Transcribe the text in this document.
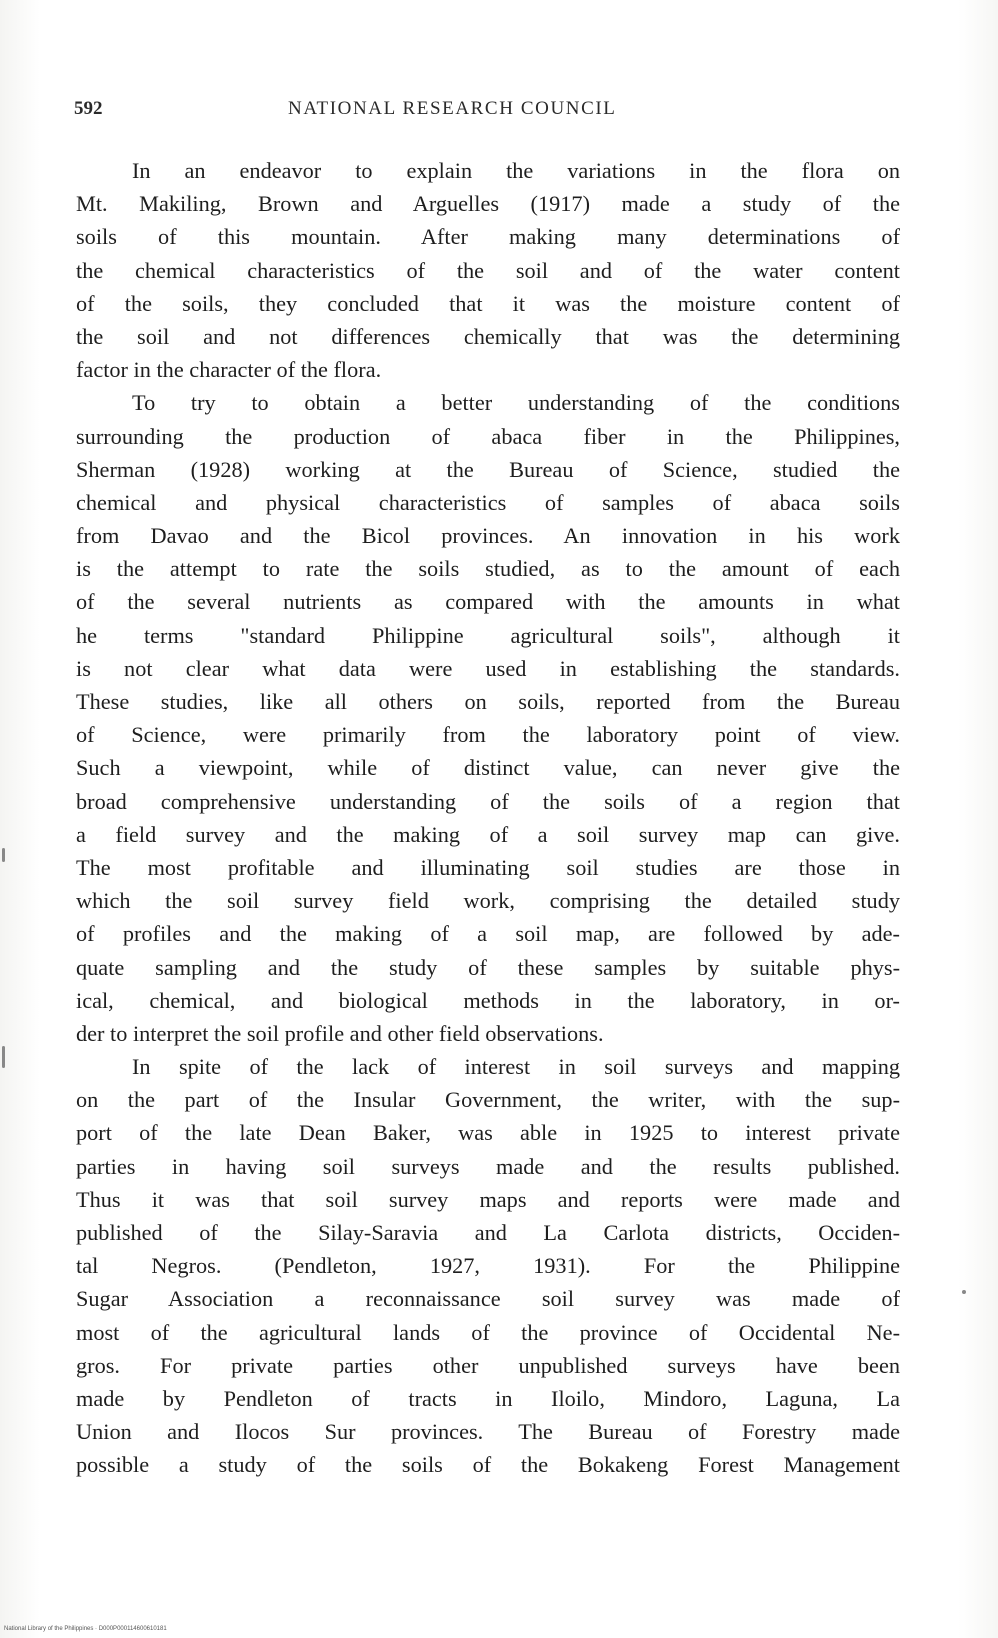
592	NATIONAL RESEARCH COUNCIL
In an endeavor to explain the variations in the flora on
Mt. Makiling, Brown and Arguelles (1917) made a study of the
soils of this mountain. After making many determinations of
the chemical characteristics of the soil and of the water content
of the soils, they concluded that it was the moisture content of
the soil and not differences chemically that was the determining
factor in the character of the flora.
To try to obtain a better understanding of the conditions
surrounding the production of abaca fiber in the Philippines,
Sherman (1928) working at the Bureau of Science, studied the
chemical and physical characteristics of samples of abaca soils
from Davao and the Bicol provinces. An innovation in his work
is the attempt to rate the soils studied, as to the amount of each
of the several nutrients as compared with the amounts in what
he terms "standard Philippine agricultural soils", although it
is not clear what data were used in establishing the standards.
These studies, like all others on soils, reported from the Bureau
of Science, were primarily from the laboratory point of view.
Such a viewpoint, while of distinct value, can never give the
broad comprehensive understanding of the soils of a region that
a field survey and the making of a soil survey map can give.
The most profitable and illuminating soil studies are those in
which the soil survey field work, comprising the detailed study
of profiles and the making of a soil map, are followed by ade-
quate sampling and the study of these samples by suitable phys-
ical, chemical, and biological methods in the laboratory, in or-
der to interpret the soil profile and other field observations.
In spite of the lack of interest in soil surveys and mapping
on the part of the Insular Government, the writer, with the sup-
port of the late Dean Baker, was able in 1925 to interest private
parties in having soil surveys made and the results published.
Thus it was that soil survey maps and reports were made and
published of the Silay-Saravia and La Carlota districts, Occiden-
tal Negros. (Pendleton, 1927, 1931). For the Philippine
Sugar Association a reconnaissance soil survey was made of
most of the agricultural lands of the province of Occidental Ne-
gros. For private parties other unpublished surveys have been
made by Pendleton of tracts in Iloilo, Mindoro, Laguna, La
Union and Ilocos Sur provinces. The Bureau of Forestry made
possible a study of the soils of the Bokakeng Forest Management
National Library of the Philippines · D000P000114600610181
